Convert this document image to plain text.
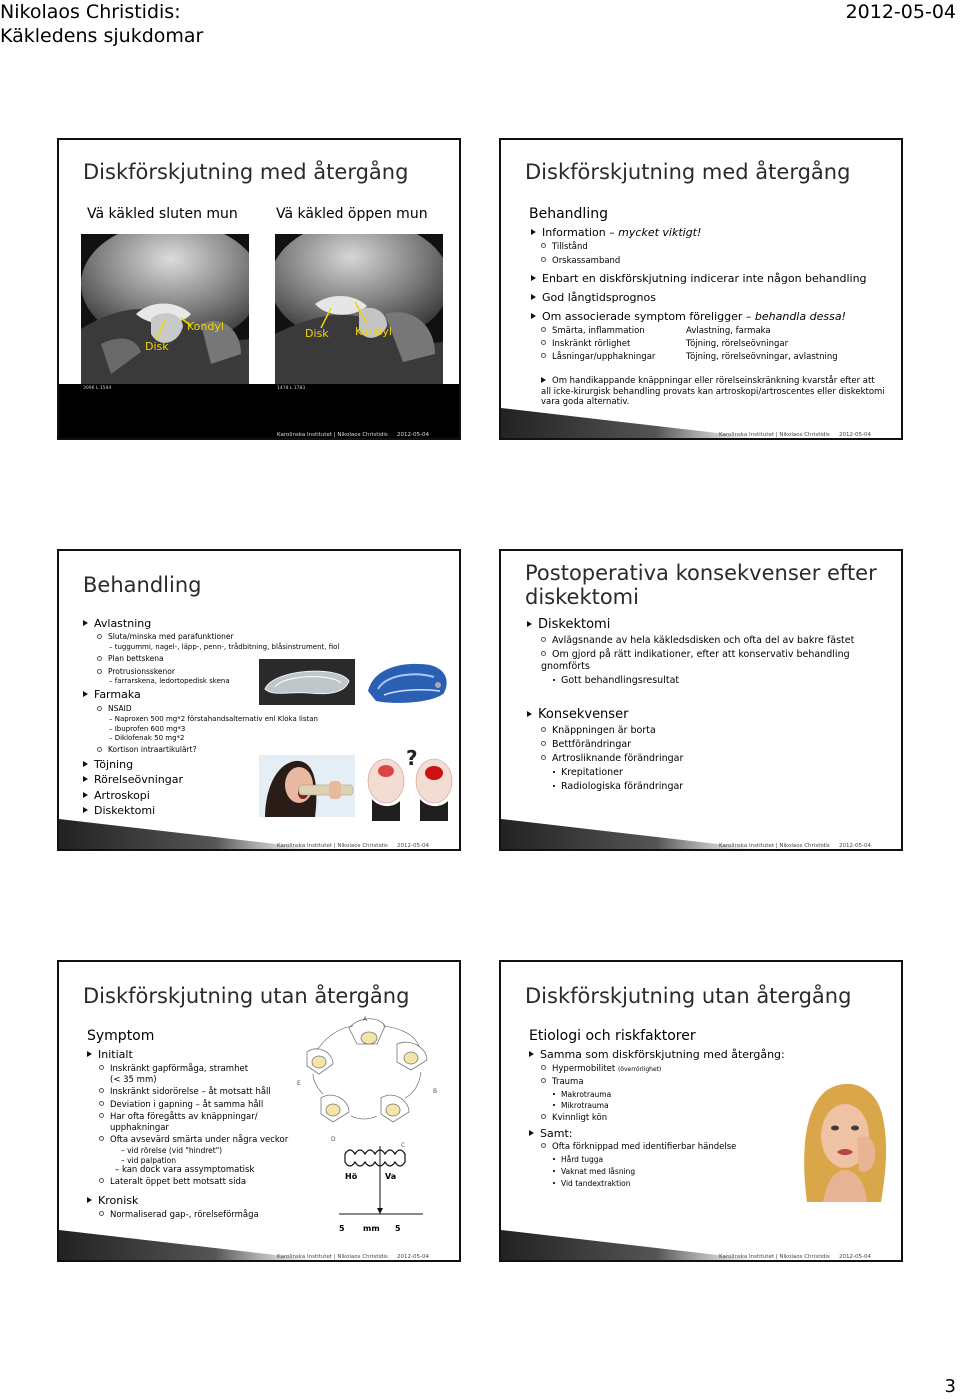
Nikolaos Christidis:
Käkledens sjukdomar
2012-05-04
Diskförskjutning med återgång
Vä käkled sluten mun	Vä käkled öppen mun
Disk
Kondyl
Disk Kondyl
3096 L 1594	1478 L 1783
Karolinska Institutet | Nikolaos Christidis 2012-05-04
Diskförskjutning med återgång
Behandling
Information – mycket viktigt!
Tillstånd
Orskassamband
Enbart en diskförskjutning indicerar inte någon behandling
God långtidsprognos
Om associerade symptom föreligger – behandla dessa!
Smärta, inflammation	Avlastning, farmaka
Inskränkt rörlighet	Töjning, rörelseövningar
Låsningar/upphakningar	Töjning, rörelseövningar, avlastning
Om handikappande knäppningar eller rörelseinskränkning kvarstår efter att all icke-kirurgisk behandling provats kan artroskopi/artroscentes eller diskektomi vara goda alternativ.
Karolinska Institutet | Nikolaos Christidis 2012-05-04
Behandling
Avlastning
Sluta/minska med parafunktioner
– tuggummi, nagel-, läpp-, penn-, trådbitning, blåsinstrument, fiol
Plan bettskena
Protrusionsskenor
– farrarskena, ledortopedisk skena
Farmaka
NSAID
– Naproxen 500 mg*2 förstahandsalternativ enl Kloka listan
– Ibuprofen 600 mg*3
– Diklofenak 50 mg*2
Kortison intraartikulärt?
Töjning
Rörelseövningar
Artroskopi
Diskektomi
?
Karolinska Institutet | Nikolaos Christidis 2012-05-04
Postoperativa konsekvenser efter diskektomi
Diskektomi
Avlägsnande av hela käkledsdisken och ofta del av bakre fästet
Om gjord på rätt indikationer, efter att konservativ behandling gnomförts
Gott behandlingsresultat
Konsekvenser
Knäppningen är borta
Bettförändringar
Artrosliknande förändringar
Krepitationer
Radiologiska förändringar
Karolinska Institutet | Nikolaos Christidis 2012-05-04
Diskförskjutning utan återgång
Symptom
Initialt
Inskränkt gapförmåga, stramhet
(< 35 mm)
Inskränkt sidorörelse – åt motsatt håll
Deviation i gapning – åt samma håll
Har ofta föregåtts av knäppningar/
upphakningar
Ofta avsevärd smärta under några veckor
– vid rörelse (vid "hindret")
– vid palpation
– kan dock vara assymptomatisk
Lateralt öppet bett motsatt sida
Kronisk
Normaliserad gap-, rörelseförmåga
A
B
C
D
E
Hö	Va
5 mm 5
Karolinska Institutet | Nikolaos Christidis 2012-05-04
Diskförskjutning utan återgång
Etiologi och riskfaktorer
Samma som diskförskjutning med återgång:
Hypermobilitet (överrörlighet)
Trauma
Makrotrauma
Mikrotrauma
Kvinnligt kön
Samt:
Ofta förknippad med identifierbar händelse
Hård tugga
Vaknat med låsning
Vid tandextraktion
Karolinska Institutet | Nikolaos Christidis 2012-05-04
3
